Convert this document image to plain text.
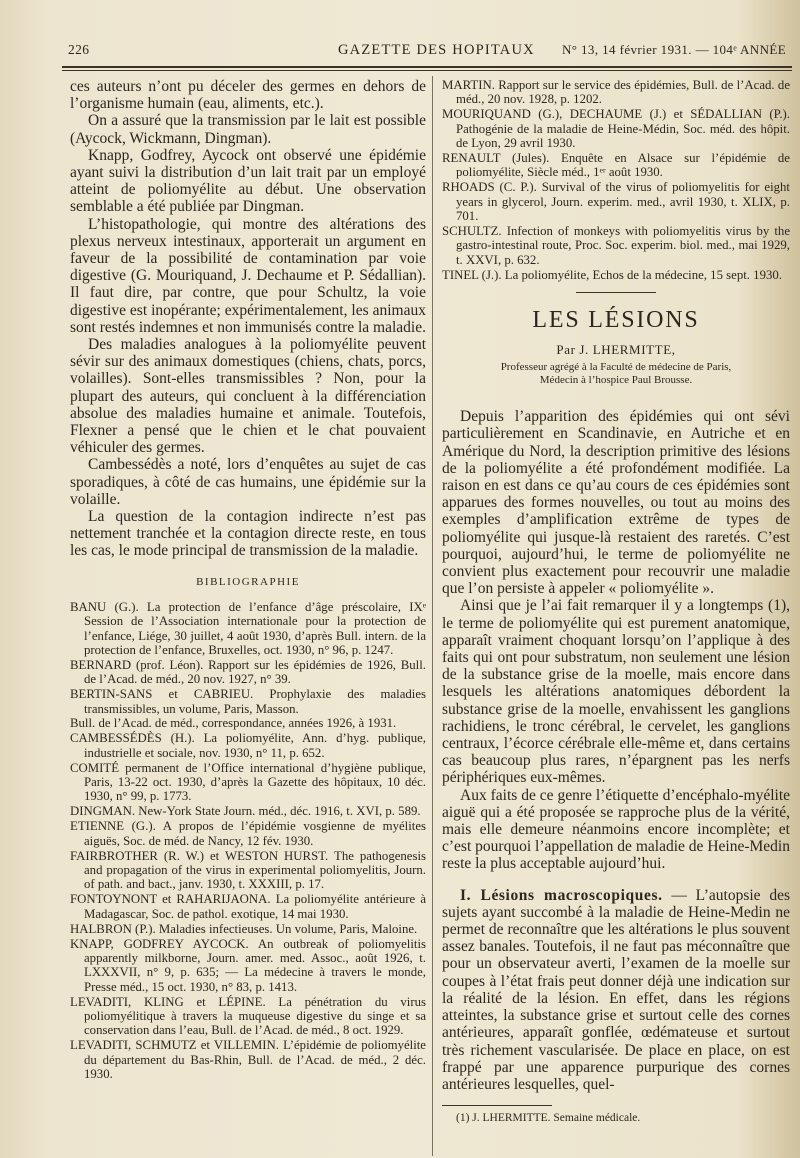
226	GAZETTE DES HOPITAUX N° 13, 14 février 1931. — 104ᵉ ANNÉE

ces auteurs n’ont pu déceler des germes en dehors de l’organisme humain (eau, aliments, etc.).

On a assuré que la transmission par le lait est possible (Aycock, Wickmann, Dingman).

Knapp, Godfrey, Aycock ont observé une épidémie ayant suivi la distribution d’un lait trait par un employé atteint de poliomyélite au début. Une observation semblable a été publiée par Dingman.

L’histopathologie, qui montre des altérations des plexus nerveux intestinaux, apporterait un argument en faveur de la possibilité de contamination par voie digestive (G. Mouriquand, J. Dechaume et P. Sédallian). Il faut dire, par contre, que pour Schultz, la voie digestive est inopérante; expérimentalement, les animaux sont restés indemnes et non immunisés contre la maladie.

Des maladies analogues à la poliomyélite peuvent sévir sur des animaux domestiques (chiens, chats, porcs, volailles). Sont-elles transmissibles ? Non, pour la plupart des auteurs, qui concluent à la différenciation absolue des maladies humaine et animale. Toutefois, Flexner a pensé que le chien et le chat pouvaient véhiculer des germes.

Cambessédès a noté, lors d’enquêtes au sujet de cas sporadiques, à côté de cas humains, une épidémie sur la volaille.

La question de la contagion indirecte n’est pas nettement tranchée et la contagion directe reste, en tous les cas, le mode principal de transmission de la maladie.

BIBLIOGRAPHIE

BANU (G.). La protection de l’enfance d’âge préscolaire, IXᵉ Session de l’Association internationale pour la protection de l’enfance, Liége, 30 juillet, 4 août 1930, d’après Bull. intern. de la protection de l’enfance, Bruxelles, oct. 1930, n° 96, p. 1247.

BERNARD (prof. Léon). Rapport sur les épidémies de 1926, Bull. de l’Acad. de méd., 20 nov. 1927, n° 39.

BERTIN-SANS et CABRIEU. Prophylaxie des maladies transmissibles, un volume, Paris, Masson.

Bull. de l’Acad. de méd., correspondance, années 1926, à 1931.

CAMBESSÉDÈS (H.). La poliomyélite, Ann. d’hyg. publique, industrielle et sociale, nov. 1930, n° 11, p. 652.

COMITÉ permanent de l’Office international d’hygiène publique, Paris, 13-22 oct. 1930, d’après la Gazette des hôpitaux, 10 déc. 1930, n° 99, p. 1773.

DINGMAN. New-York State Journ. méd., déc. 1916, t. XVI, p. 589.

ETIENNE (G.). A propos de l’épidémie vosgienne de myélites aiguës, Soc. de méd. de Nancy, 12 fév. 1930.

FAIRBROTHER (R. W.) et WESTON HURST. The pathogenesis and propagation of the virus in experimental poliomyelitis, Journ. of path. and bact., janv. 1930, t. XXXIII, p. 17.

FONTOYNONT et RAHARIJAONA. La poliomyélite antérieure à Madagascar, Soc. de pathol. exotique, 14 mai 1930.

HALBRON (P.). Maladies infectieuses. Un volume, Paris, Maloine.

KNAPP, GODFREY AYCOCK. An outbreak of poliomyelitis apparently milkborne, Journ. amer. med. Assoc., août 1926, t. LXXXVII, n° 9, p. 635; — La médecine à travers le monde, Presse méd., 15 oct. 1930, n° 83, p. 1413.

LEVADITI, KLING et LÉPINE. La pénétration du virus poliomyélitique à travers la muqueuse digestive du singe et sa conservation dans l’eau, Bull. de l’Acad. de méd., 8 oct. 1929.

LEVADITI, SCHMUTZ et VILLEMIN. L’épidémie de poliomyélite du département du Bas-Rhin, Bull. de l’Acad. de méd., 2 déc. 1930.

MARTIN. Rapport sur le service des épidémies, Bull. de l’Acad. de méd., 20 nov. 1928, p. 1202.

MOURIQUAND (G.), DECHAUME (J.) et SÉDALLIAN (P.). Pathogénie de la maladie de Heine-Médin, Soc. méd. des hôpit. de Lyon, 29 avril 1930.

RENAULT (Jules). Enquête en Alsace sur l’épidémie de poliomyélite, Siècle méd., 1ᵉʳ août 1930.

RHOADS (C. P.). Survival of the virus of poliomyelitis for eight years in glycerol, Journ. experim. med., avril 1930, t. XLIX, p. 701.

SCHULTZ. Infection of monkeys with poliomyelitis virus by the gastro-intestinal route, Proc. Soc. experim. biol. med., mai 1929, t. XXVI, p. 632.

TINEL (J.). La poliomyélite, Echos de la médecine, 15 sept. 1930.

LES LÉSIONS
Par J. LHERMITTE,
Professeur agrégé à la Faculté de médecine de Paris,
Médecin à l’hospice Paul Brousse.

Depuis l’apparition des épidémies qui ont sévi particulièrement en Scandinavie, en Autriche et en Amérique du Nord, la description primitive des lésions de la poliomyélite a été profondément modifiée. La raison en est dans ce qu’au cours de ces épidémies sont apparues des formes nouvelles, ou tout au moins des exemples d’amplification extrême de types de poliomyélite qui jusque-là restaient des raretés. C’est pourquoi, aujourd’hui, le terme de poliomyélite ne convient plus exactement pour recouvrir une maladie que l’on persiste à appeler « poliomyélite ».

Ainsi que je l’ai fait remarquer il y a longtemps (1), le terme de poliomyélite qui est purement anatomique, apparaît vraiment choquant lorsqu’on l’applique à des faits qui ont pour substratum, non seulement une lésion de la substance grise de la moelle, mais encore dans lesquels les altérations anatomiques débordent la substance grise de la moelle, envahissent les ganglions rachidiens, le tronc cérébral, le cervelet, les ganglions centraux, l’écorce cérébrale elle-même et, dans certains cas beaucoup plus rares, n’épargnent pas les nerfs périphériques eux-mêmes.

Aux faits de ce genre l’étiquette d’encéphalo-myélite aiguë qui a été proposée se rapproche plus de la vérité, mais elle demeure néanmoins encore incomplète; et c’est pourquoi l’appellation de maladie de Heine-Medin reste la plus acceptable aujourd’hui.

I. Lésions macroscopiques. — L’autopsie des sujets ayant succombé à la maladie de Heine-Medin ne permet de reconnaître que les altérations le plus souvent assez banales. Toutefois, il ne faut pas méconnaître que pour un observateur averti, l’examen de la moelle sur coupes à l’état frais peut donner déjà une indication sur la réalité de la lésion. En effet, dans les régions atteintes, la substance grise et surtout celle des cornes antérieures, apparaît gonflée, œdémateuse et surtout très richement vascularisée. De place en place, on est frappé par une apparence purpurique des cornes antérieures lesquelles, quel-

(1) J. LHERMITTE. Semaine médicale.
